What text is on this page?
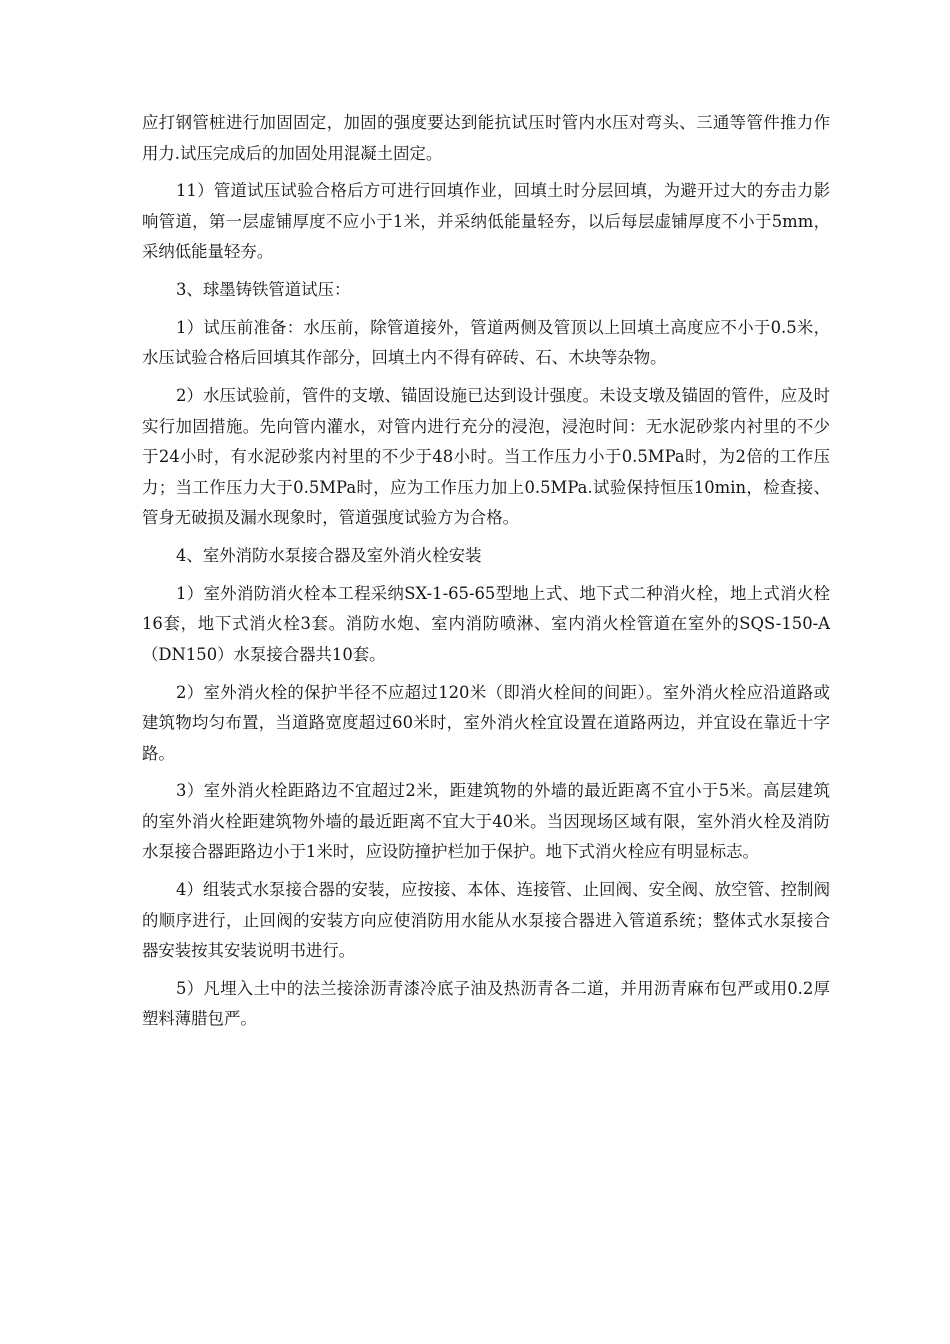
应打钢管桩进行加固固定，加固的强度要达到能抗试压时管内水压对弯头、三通等管件推力作用力.试压完成后的加固处用混凝土固定。

11）管道试压试验合格后方可进行回填作业，回填土时分层回填，为避开过大的夯击力影响管道，第一层虚铺厚度不应小于1米，并采纳低能量轻夯，以后每层虚铺厚度不小于5mm，采纳低能量轻夯。

3、球墨铸铁管道试压：

1）试压前准备：水压前，除管道接外，管道两侧及管顶以上回填土高度应不小于0.5米，水压试验合格后回填其作部分，回填土内不得有碎砖、石、木块等杂物。

2）水压试验前，管件的支墩、锚固设施已达到设计强度。未设支墩及锚固的管件，应及时实行加固措施。先向管内灌水，对管内进行充分的浸泡，浸泡时间：无水泥砂浆内衬里的不少于24小时，有水泥砂浆内衬里的不少于48小时。当工作压力小于0.5MPa时，为2倍的工作压力；当工作压力大于0.5MPa时，应为工作压力加上0.5MPa.试验保持恒压10min，检查接、管身无破损及漏水现象时，管道强度试验方为合格。

4、室外消防水泵接合器及室外消火栓安装

1）室外消防消火栓本工程采纳SX-1-65-65型地上式、地下式二种消火栓，地上式消火栓16套，地下式消火栓3套。消防水炮、室内消防喷淋、室内消火栓管道在室外的SQS-150-A（DN150）水泵接合器共10套。

2）室外消火栓的保护半径不应超过120米（即消火栓间的间距）。室外消火栓应沿道路或建筑物均匀布置，当道路宽度超过60米时，室外消火栓宜设置在道路两边，并宜设在靠近十字路。

3）室外消火栓距路边不宜超过2米，距建筑物的外墙的最近距离不宜小于5米。高层建筑的室外消火栓距建筑物外墙的最近距离不宜大于40米。当因现场区域有限，室外消火栓及消防水泵接合器距路边小于1米时，应设防撞护栏加于保护。地下式消火栓应有明显标志。

4）组装式水泵接合器的安装，应按接、本体、连接管、止回阀、安全阀、放空管、控制阀的顺序进行，止回阀的安装方向应使消防用水能从水泵接合器进入管道系统；整体式水泵接合器安装按其安装说明书进行。

5）凡埋入土中的法兰接涂沥青漆冷底子油及热沥青各二道，并用沥青麻布包严或用0.2厚塑料薄腊包严。
